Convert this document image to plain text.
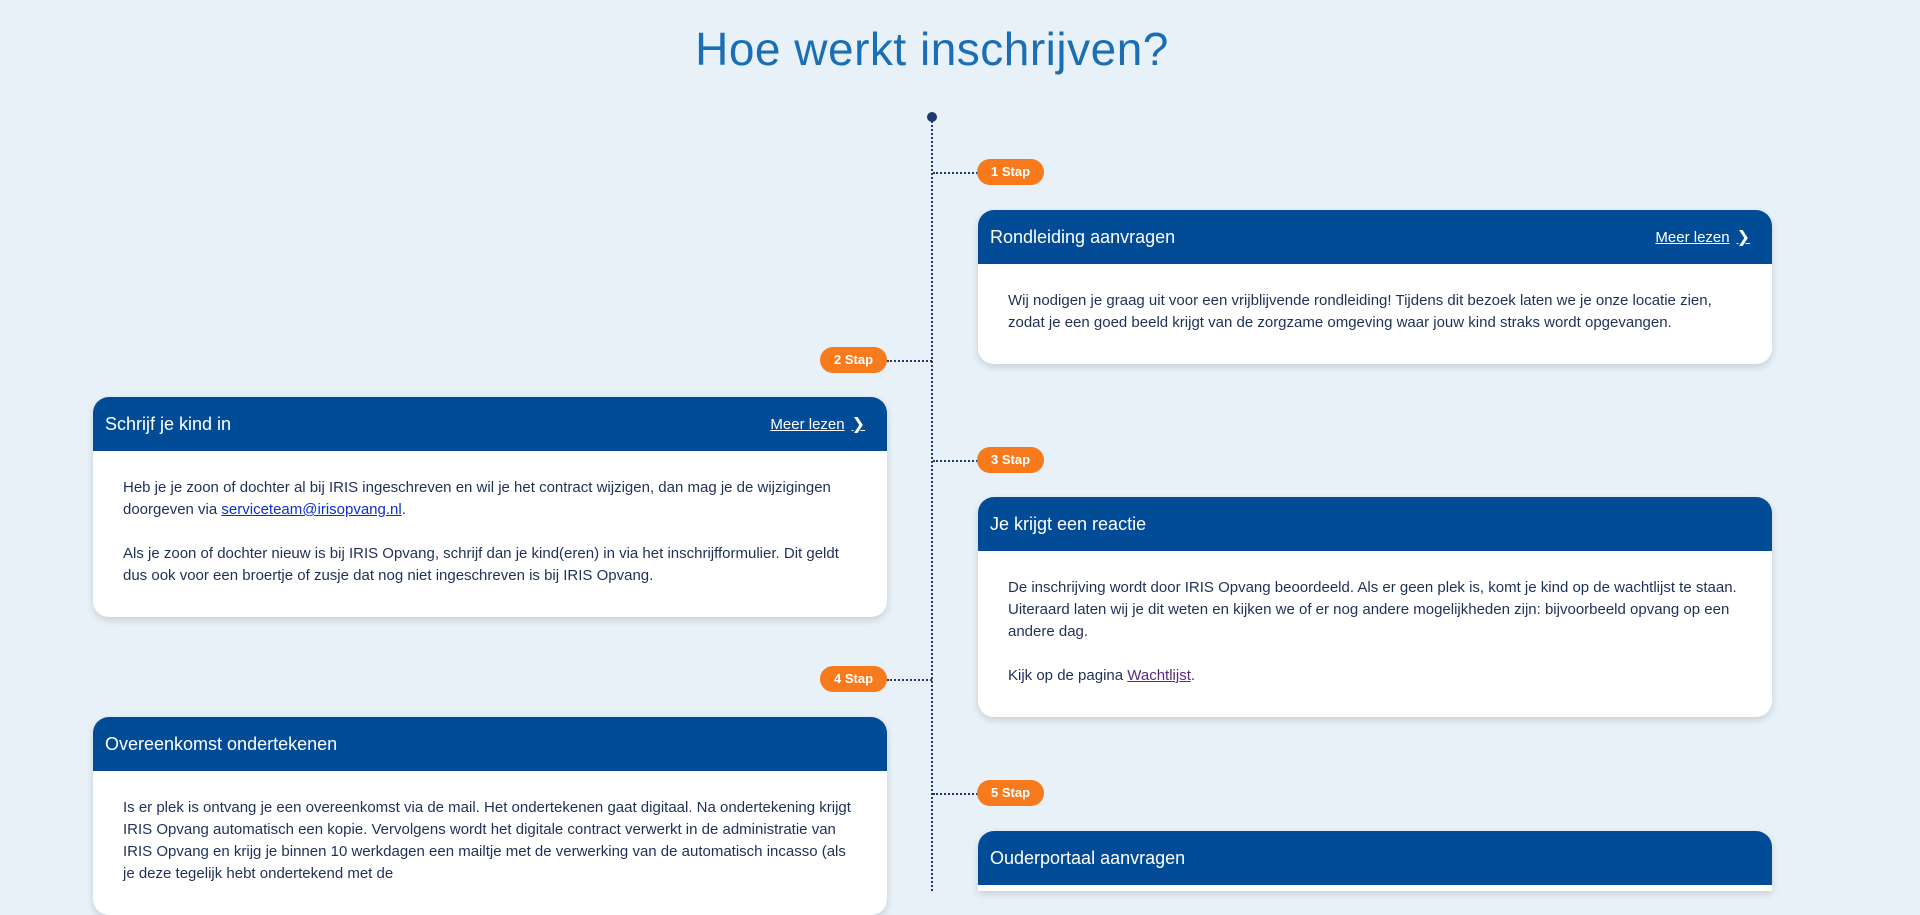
Hoe werkt inschrijven?
1 Stap
Rondleiding aanvragen	Meer lezen ❯

Wij nodigen je graag uit voor een vrijblijvende rondleiding! Tijdens dit bezoek laten we je onze locatie zien, zodat je een goed beeld krijgt van de zorgzame omgeving waar jouw kind straks wordt opgevangen.

2 Stap
Schrijf je kind in	Meer lezen ❯

Heb je je zoon of dochter al bij IRIS ingeschreven en wil je het contract wijzigen, dan mag je de wijzigingen doorgeven via serviceteam@irisopvang.nl.

Als je zoon of dochter nieuw is bij IRIS Opvang, schrijf dan je kind(eren) in via het inschrijfformulier. Dit geldt dus ook voor een broertje of zusje dat nog niet ingeschreven is bij IRIS Opvang.

3 Stap
Je krijgt een reactie

De inschrijving wordt door IRIS Opvang beoordeeld. Als er geen plek is, komt je kind op de wachtlijst te staan. Uiteraard laten wij je dit weten en kijken we of er nog andere mogelijkheden zijn: bijvoorbeeld opvang op een andere dag.

Kijk op de pagina Wachtlijst.

4 Stap
Overeenkomst ondertekenen

Is er plek is ontvang je een overeenkomst via de mail. Het ondertekenen gaat digitaal. Na ondertekening krijgt IRIS Opvang automatisch een kopie. Vervolgens wordt het digitale contract verwerkt in de administratie van IRIS Opvang en krijg je binnen 10 werkdagen een mailtje met de verwerking van de automatisch incasso (als je deze tegelijk hebt ondertekend met de

5 Stap
Ouderportaal aanvragen
